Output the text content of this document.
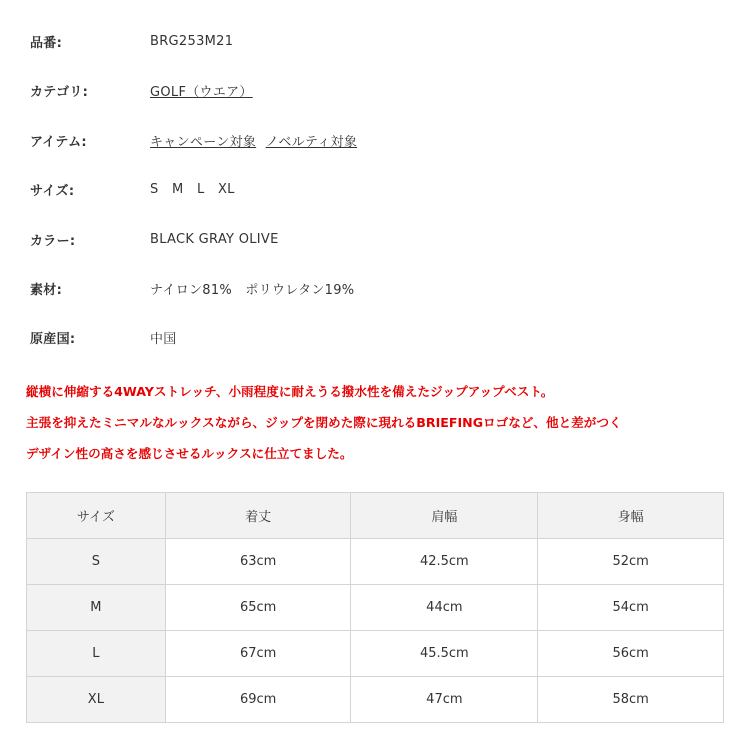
品番:	BRG253M21
カテゴリ:	GOLF（ウエア）
アイテム:	キャンペーン対象 ノベルティ対象
サイズ:	S M L XL
カラー:	BLACK GRAY OLIVE
素材:	ナイロン81%　ポリウレタン19%
原産国:	中国
縦横に伸縮する4WAYストレッチ、小雨程度に耐えうる撥水性を備えたジップアップベスト。
主張を抑えたミニマルなルックスながら、ジップを閉めた際に現れるBRIEFINGロゴなど、他と差がつく
デザイン性の高さを感じさせるルックスに仕立てました。
サイズ	着丈	肩幅	身幅
S	63cm	42.5cm	52cm
M	65cm	44cm	54cm
L	67cm	45.5cm	56cm
XL	69cm	47cm	58cm
